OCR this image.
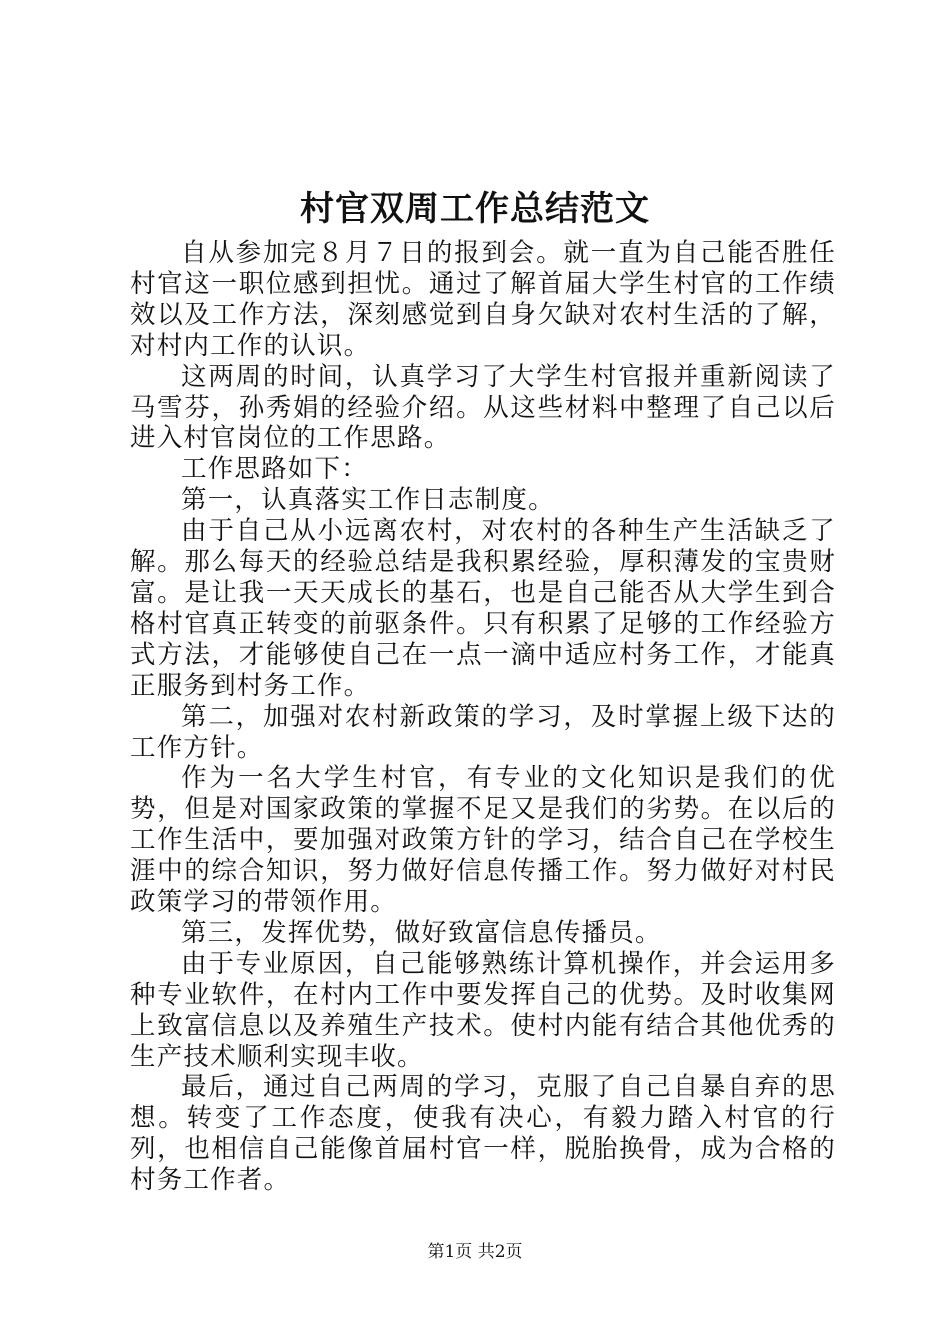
村官双周工作总结范文

自从参加完８月７日的报到会。就一直为自己能否胜任村官这一职位感到担忧。通过了解首届大学生村官的工作绩效以及工作方法，深刻感觉到自身欠缺对农村生活的了解，对村内工作的认识。

这两周的时间，认真学习了大学生村官报并重新阅读了马雪芬，孙秀娟的经验介绍。从这些材料中整理了自己以后进入村官岗位的工作思路。

工作思路如下：

第一，认真落实工作日志制度。

由于自己从小远离农村，对农村的各种生产生活缺乏了解。那么每天的经验总结是我积累经验，厚积薄发的宝贵财富。是让我一天天成长的基石，也是自己能否从大学生到合格村官真正转变的前驱条件。只有积累了足够的工作经验方式方法，才能够使自己在一点一滴中适应村务工作，才能真正服务到村务工作。

第二，加强对农村新政策的学习，及时掌握上级下达的工作方针。

作为一名大学生村官，有专业的文化知识是我们的优势，但是对国家政策的掌握不足又是我们的劣势。在以后的工作生活中，要加强对政策方针的学习，结合自己在学校生涯中的综合知识，努力做好信息传播工作。努力做好对村民政策学习的带领作用。

第三，发挥优势，做好致富信息传播员。

由于专业原因，自己能够熟练计算机操作，并会运用多种专业软件，在村内工作中要发挥自己的优势。及时收集网上致富信息以及养殖生产技术。使村内能有结合其他优秀的生产技术顺利实现丰收。

最后，通过自己两周的学习，克服了自己自暴自弃的思想。转变了工作态度，使我有决心，有毅力踏入村官的行列，也相信自己能像首届村官一样，脱胎换骨，成为合格的村务工作者。

第1页 共2页
